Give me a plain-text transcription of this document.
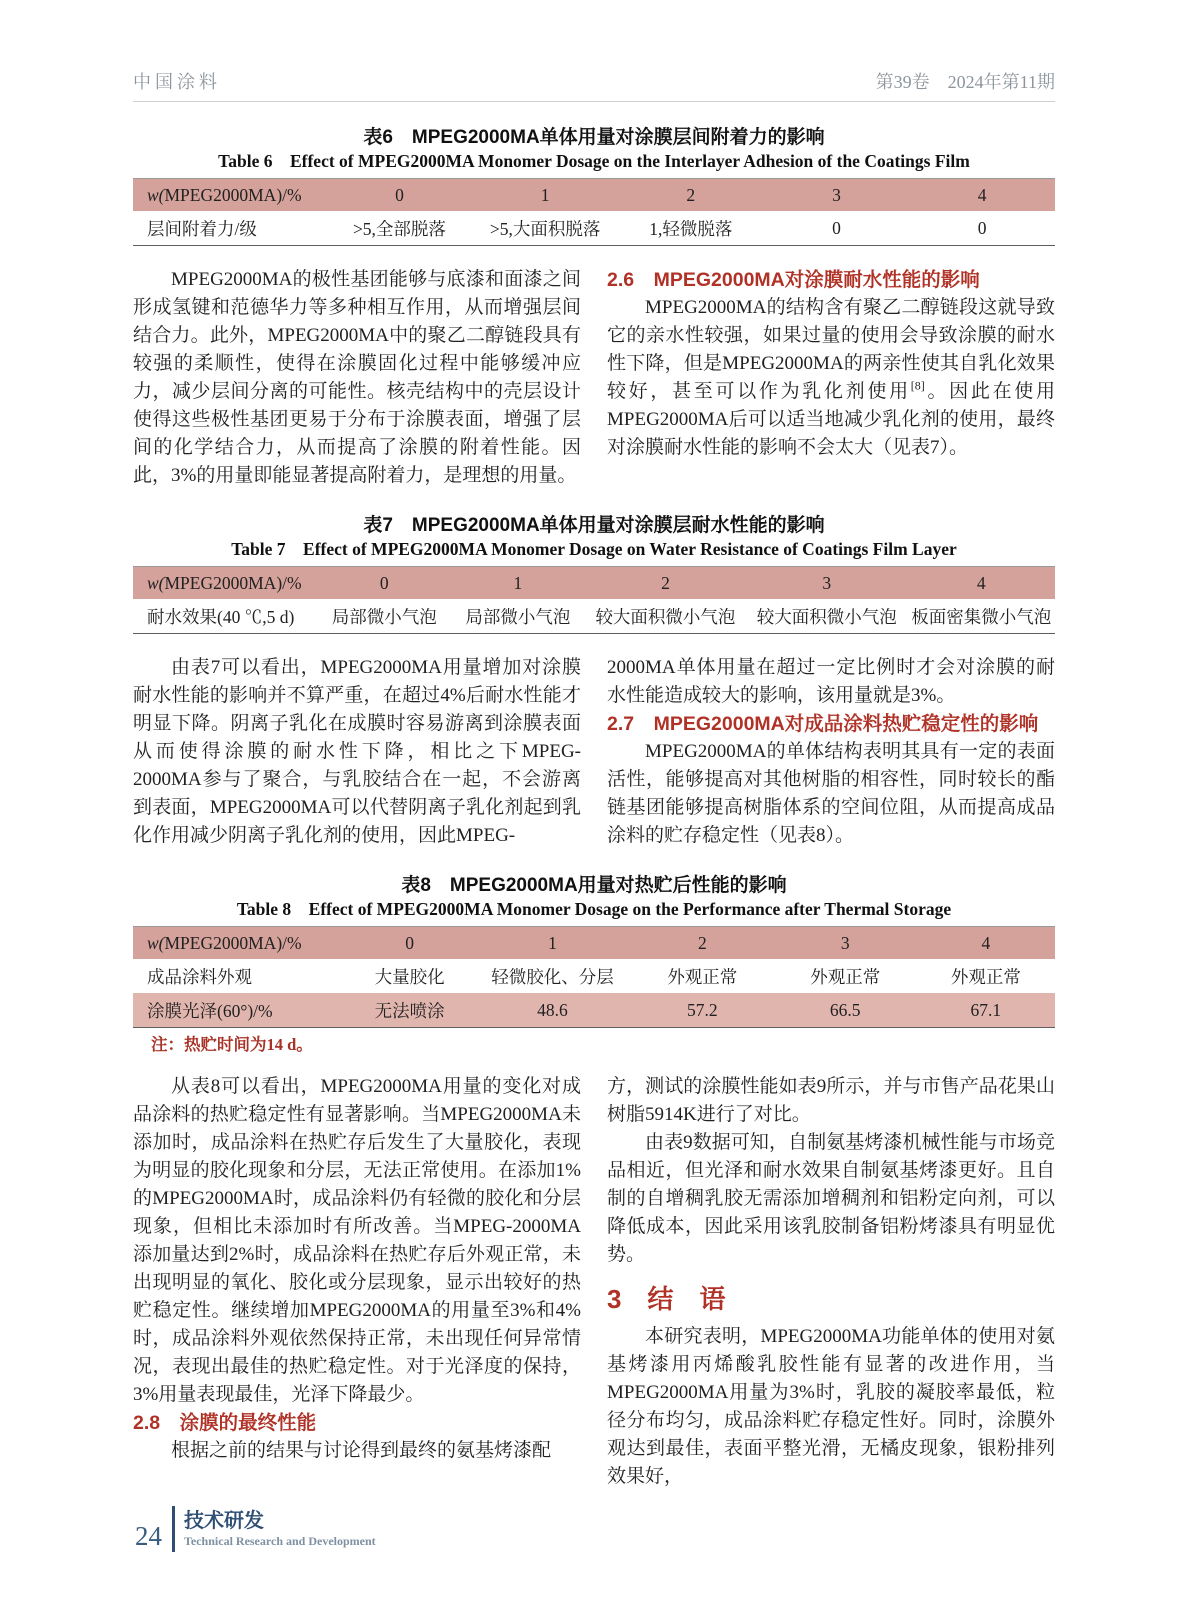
中国涂料	第39卷　2024年第11期
表6　MPEG2000MA单体用量对涂膜层间附着力的影响
Table 6　Effect of MPEG2000MA Monomer Dosage on the Interlayer Adhesion of the Coatings Film
w(MPEG2000MA)/%	0	1	2	3	4
层间附着力/级	>5,全部脱落	>5,大面积脱落	1,轻微脱落	0	0

MPEG2000MA的极性基团能够与底漆和面漆之间形成氢键和范德华力等多种相互作用，从而增强层间结合力。此外，MPEG2000MA中的聚乙二醇链段具有较强的柔顺性，使得在涂膜固化过程中能够缓冲应力，减少层间分离的可能性。核壳结构中的壳层设计使得这些极性基团更易于分布于涂膜表面，增强了层间的化学结合力，从而提高了涂膜的附着性能。因此，3%的用量即能显著提高附着力，是理想的用量。

2.6　MPEG2000MA对涂膜耐水性能的影响

MPEG2000MA的结构含有聚乙二醇链段这就导致它的亲水性较强，如果过量的使用会导致涂膜的耐水性下降，但是MPEG2000MA的两亲性使其自乳化效果较好，甚至可以作为乳化剂使用[8]。因此在使用MPEG2000MA后可以适当地减少乳化剂的使用，最终对涂膜耐水性能的影响不会太大（见表7）。

表7　MPEG2000MA单体用量对涂膜层耐水性能的影响
Table 7　Effect of MPEG2000MA Monomer Dosage on Water Resistance of Coatings Film Layer
w(MPEG2000MA)/%	0	1	2	3	4
耐水效果(40 ℃,5 d)	局部微小气泡	局部微小气泡	较大面积微小气泡	较大面积微小气泡	板面密集微小气泡

由表7可以看出，MPEG2000MA用量增加对涂膜耐水性能的影响并不算严重，在超过4%后耐水性能才明显下降。阴离子乳化在成膜时容易游离到涂膜表面从而使得涂膜的耐水性下降，相比之下MPEG-2000MA参与了聚合，与乳胶结合在一起，不会游离到表面，MPEG2000MA可以代替阴离子乳化剂起到乳化作用减少阴离子乳化剂的使用，因此MPEG-

2000MA单体用量在超过一定比例时才会对涂膜的耐水性能造成较大的影响，该用量就是3%。

2.7　MPEG2000MA对成品涂料热贮稳定性的影响

MPEG2000MA的单体结构表明其具有一定的表面活性，能够提高对其他树脂的相容性，同时较长的酯链基团能够提高树脂体系的空间位阻，从而提高成品涂料的贮存稳定性（见表8）。

表8　MPEG2000MA用量对热贮后性能的影响
Table 8　Effect of MPEG2000MA Monomer Dosage on the Performance after Thermal Storage
w(MPEG2000MA)/%	0	1	2	3	4
成品涂料外观	大量胶化	轻微胶化、分层	外观正常	外观正常	外观正常
涂膜光泽(60°)/%	无法喷涂	48.6	57.2	66.5	67.1
注：热贮时间为14 d。

从表8可以看出，MPEG2000MA用量的变化对成品涂料的热贮稳定性有显著影响。当MPEG2000MA未添加时，成品涂料在热贮存后发生了大量胶化，表现为明显的胶化现象和分层，无法正常使用。在添加1%的MPEG2000MA时，成品涂料仍有轻微的胶化和分层现象，但相比未添加时有所改善。当MPEG-2000MA添加量达到2%时，成品涂料在热贮存后外观正常，未出现明显的氧化、胶化或分层现象，显示出较好的热贮稳定性。继续增加MPEG2000MA的用量至3%和4%时，成品涂料外观依然保持正常，未出现任何异常情况，表现出最佳的热贮稳定性。对于光泽度的保持，3%用量表现最佳，光泽下降最少。

2.8　涂膜的最终性能

根据之前的结果与讨论得到最终的氨基烤漆配

方，测试的涂膜性能如表9所示，并与市售产品花果山树脂5914K进行了对比。

由表9数据可知，自制氨基烤漆机械性能与市场竞品相近，但光泽和耐水效果自制氨基烤漆更好。且自制的自增稠乳胶无需添加增稠剂和铝粉定向剂，可以降低成本，因此采用该乳胶制备铝粉烤漆具有明显优势。

3　结　语

本研究表明，MPEG2000MA功能单体的使用对氨基烤漆用丙烯酸乳胶性能有显著的改进作用，当MPEG2000MA用量为3%时，乳胶的凝胶率最低，粒径分布均匀，成品涂料贮存稳定性好。同时，涂膜外观达到最佳，表面平整光滑，无橘皮现象，银粉排列效果好，

24 技术研发
Technical Research and Development
